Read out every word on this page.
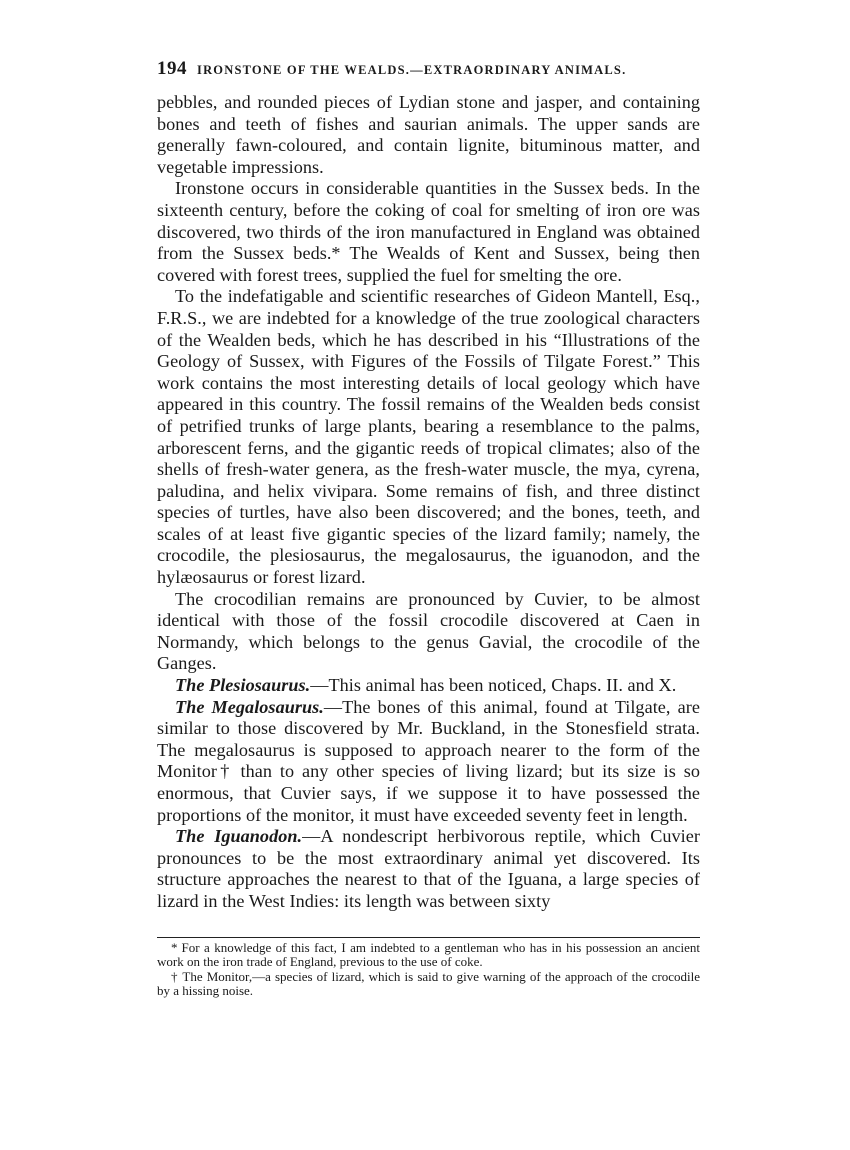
194 IRONSTONE OF THE WEALDS.—EXTRAORDINARY ANIMALS.

pebbles, and rounded pieces of Lydian stone and jasper, and containing bones and teeth of fishes and saurian animals. The upper sands are generally fawn-coloured, and contain lignite, bituminous matter, and vegetable impressions.

Ironstone occurs in considerable quantities in the Sussex beds. In the sixteenth century, before the coking of coal for smelting of iron ore was discovered, two thirds of the iron manufactured in England was obtained from the Sussex beds.* The Wealds of Kent and Sussex, being then covered with forest trees, supplied the fuel for smelting the ore.

To the indefatigable and scientific researches of Gideon Mantell, Esq., F.R.S., we are indebted for a knowledge of the true zoological characters of the Wealden beds, which he has described in his “Illustrations of the Geology of Sussex, with Figures of the Fossils of Tilgate Forest.” This work contains the most interesting details of local geology which have appeared in this country. The fossil remains of the Wealden beds consist of petrified trunks of large plants, bearing a resemblance to the palms, arborescent ferns, and the gigantic reeds of tropical climates; also of the shells of fresh-water genera, as the fresh-water muscle, the mya, cyrena, paludina, and helix vivipara. Some remains of fish, and three distinct species of turtles, have also been discovered; and the bones, teeth, and scales of at least five gigantic species of the lizard family; namely, the crocodile, the plesiosaurus, the megalosaurus, the iguanodon, and the hylæosaurus or forest lizard.

The crocodilian remains are pronounced by Cuvier, to be almost identical with those of the fossil crocodile discovered at Caen in Normandy, which belongs to the genus Gavial, the crocodile of the Ganges.

The Plesiosaurus.—This animal has been noticed, Chaps. II. and X.

The Megalosaurus.—The bones of this animal, found at Tilgate, are similar to those discovered by Mr. Buckland, in the Stonesfield strata. The megalosaurus is supposed to approach nearer to the form of the Monitor† than to any other species of living lizard; but its size is so enormous, that Cuvier says, if we suppose it to have possessed the proportions of the monitor, it must have exceeded seventy feet in length.

The Iguanodon.—A nondescript herbivorous reptile, which Cuvier pronounces to be the most extraordinary animal yet discovered. Its structure approaches the nearest to that of the Iguana, a large species of lizard in the West Indies: its length was between sixty

* For a knowledge of this fact, I am indebted to a gentleman who has in his possession an ancient work on the iron trade of England, previous to the use of coke.

† The Monitor,—a species of lizard, which is said to give warning of the approach of the crocodile by a hissing noise.
